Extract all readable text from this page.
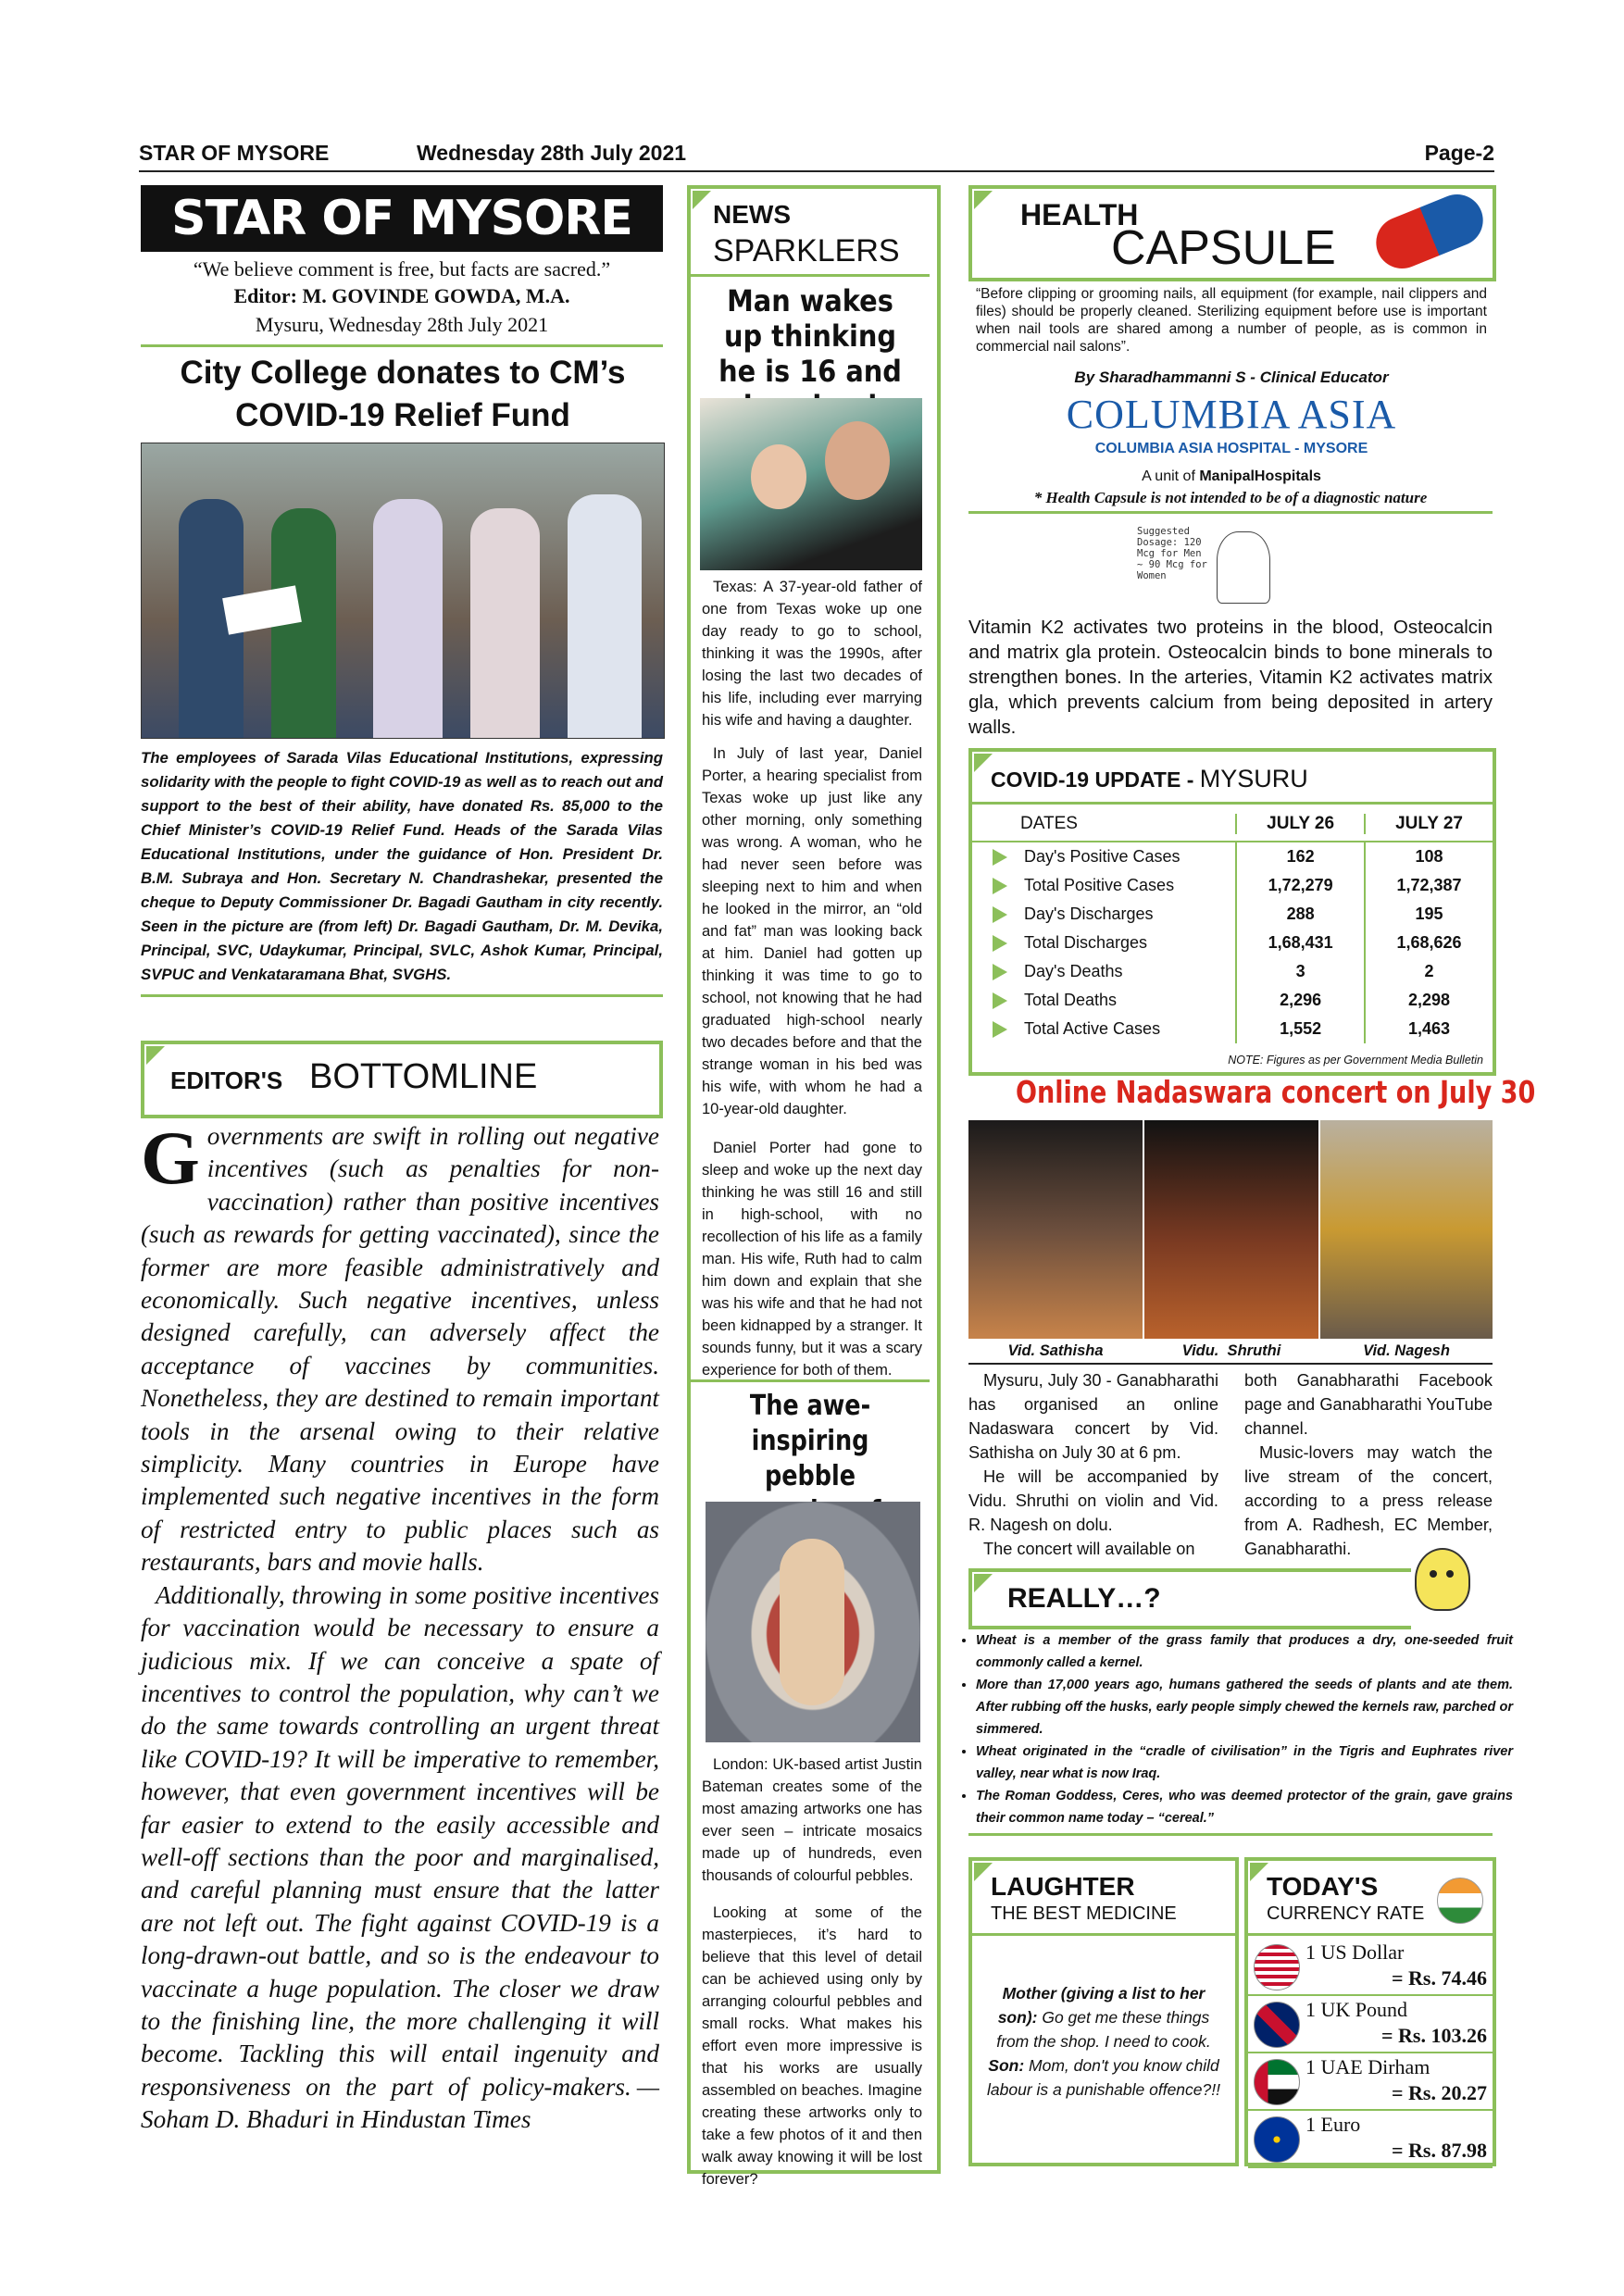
STAR OF MYSORE	Wednesday 28th July 2021	Page-2
STAR OF MYSORE
“We believe comment is free, but facts are sacred.”
Editor: M. GOVINDE GOWDA, M.A.
Mysuru, Wednesday 28th July 2021
City College donates to CM’s COVID-19 Relief Fund
The employees of Sarada Vilas Educational Institutions, expressing solidarity with the people to fight COVID-19 as well as to reach out and support to the best of their ability, have donated Rs. 85,000 to the Chief Minister’s COVID-19 Relief Fund. Heads of the Sarada Vilas Educational Institutions, under the guidance of Hon. President Dr. B.M. Subraya and Hon. Secretary N. Chandrashekar, presented the cheque to Deputy Commissioner Dr. Bagadi Gautham in city recently. Seen in the picture are (from left) Dr. Bagadi Gautham, Dr. M. Devika, Principal, SVC, Udaykumar, Principal, SVLC, Ashok Kumar, Principal, SVPUC and Venkataramana Bhat, SVGHS.
EDITOR'S BOTTOMLINE
Governments are swift in rolling out negative incentives (such as penalties for non-vaccination) rather than positive incentives (such as rewards for getting vaccinated), since the former are more feasible administratively and economically. Such negative incentives, unless designed carefully, can adversely affect the acceptance of vaccines by communities. Nonetheless, they are destined to remain important tools in the arsenal owing to their relative simplicity. Many countries in Europe have implemented such negative incentives in the form of restricted entry to public places such as restaurants, bars and movie halls.
Additionally, throwing in some positive incentives for vaccination would be necessary to ensure a judicious mix. If we can conceive a spate of incentives to control the population, why can’t we do the same towards controlling an urgent threat like COVID-19? It will be imperative to remember, however, that even government incentives will be far easier to extend to the easily accessible and well-off sections than the poor and marginalised, and careful planning must ensure that the latter are not left out. The fight against COVID-19 is a long-drawn-out battle, and so is the endeavour to vaccinate a huge population. The closer we draw to the finishing line, the more challenging it will become. Tackling this will entail ingenuity and responsiveness on the part of policy-makers. — Soham D. Bhaduri in Hindustan Times
NEWS
SPARKLERS
Man wakes up thinking he is 16 and
Texas: A 37-year-old father of one from Texas woke up one day ready to go to school, thinking it was the 1990s, after losing the last two decades of his life, including ever marrying his wife and having a daughter.
In July of last year, Daniel Porter, a hearing specialist from Texas woke up just like any other morning, only something was wrong. A woman, who he had never seen before was sleeping next to him and when he looked in the mirror, an “old and fat” man was looking back at him. Daniel had gotten up thinking it was time to go to school, not knowing that he had graduated high-school nearly two decades before and that the strange woman in his bed was his wife, with whom he had a 10-year-old daughter.
Daniel Porter had gone to sleep and woke up the next day thinking he was still 16 and still in high-school, with no recollection of his life as a family man. His wife, Ruth had to calm him down and explain that she was his wife and that he had not been kidnapped by a stranger. It sounds funny, but it was a scary experience for both of them.
The awe-inspiring pebble
London: UK-based artist Justin Bateman creates some of the most amazing artworks one has ever seen – intricate mosaics made up of hundreds, even thousands of colourful pebbles.
Looking at some of the masterpieces, it’s hard to believe that this level of detail can be achieved using only by arranging colourful pebbles and small rocks. What makes his effort even more impressive is that his works are usually assembled on beaches. Imagine creating these artworks only to take a few photos of it and then walk away knowing it will be lost forever?
HEALTH
CAPSULE
“Before clipping or grooming nails, all equipment (for example, nail clippers and files) should be properly cleaned. Sterilizing equipment before use is important when nail tools are shared among a number of people, as is common in commercial nail salons”.
By Sharadhammanni S - Clinical Educator
COLUMBIA ASIA
COLUMBIA ASIA HOSPITAL - MYSORE
A unit of ManipalHospitals
* Health Capsule is not intended to be of a diagnostic nature
Suggested Dosage: 120 Mcg for Men ~ 90 Mcg for Women
Vitamin K2 activates two proteins in the blood, Osteocalcin and matrix gla protein. Osteocalcin binds to bone minerals to strengthen bones. In the arteries, Vitamin K2 activates matrix gla, which prevents calcium from being deposited in artery walls.
COVID-19 UPDATE - MYSURU
DATES	JULY 26	JULY 27
Day's Positive Cases	162	108
Total Positive Cases	1,72,279	1,72,387
Day's Discharges	288	195
Total Discharges	1,68,431	1,68,626
Day's Deaths	3	2
Total Deaths	2,296	2,298
Total Active Cases	1,552	1,463
NOTE: Figures as per Government Media Bulletin
Online Nadaswara concert on July 30
Vid. Sathisha	Vidu.  Shruthi	Vid. Nagesh
Mysuru, July 30 - Ganabharathi has organised an online Nadaswara concert by Vid. Sathisha on July 30 at 6 pm.
He will be accompanied by Vidu. Shruthi on violin and Vid. R. Nagesh on dolu.
The concert will available on
both Ganabharathi Facebook page and Ganabharathi YouTube channel.
Music-lovers may watch the live stream of the concert, according to a press release from A. Radhesh, EC Member, Ganabharathi.
REALLY…?
• Wheat is a member of the grass family that produces a dry, one-seeded fruit commonly called a kernel.
• More than 17,000 years ago, humans gathered the seeds of plants and ate them. After rubbing off the husks, early people simply chewed the kernels raw, parched or simmered.
• Wheat originated in the “cradle of civilisation” in the Tigris and Euphrates river valley, near what is now Iraq.
• The Roman Goddess, Ceres, who was deemed protector of the grain, gave grains their common name today – “cereal.”
LAUGHTER
THE BEST MEDICINE
Mother (giving a list to her son): Go get me these things from the shop. I need to cook. Son: Mom, don't you know child labour is a punishable offence?!!
TODAY'S
CURRENCY RATE
1 US Dollar
= Rs. 74.46
1 UK Pound
= Rs. 103.26
1 UAE Dirham
= Rs. 20.27
1 Euro
= Rs. 87.98
